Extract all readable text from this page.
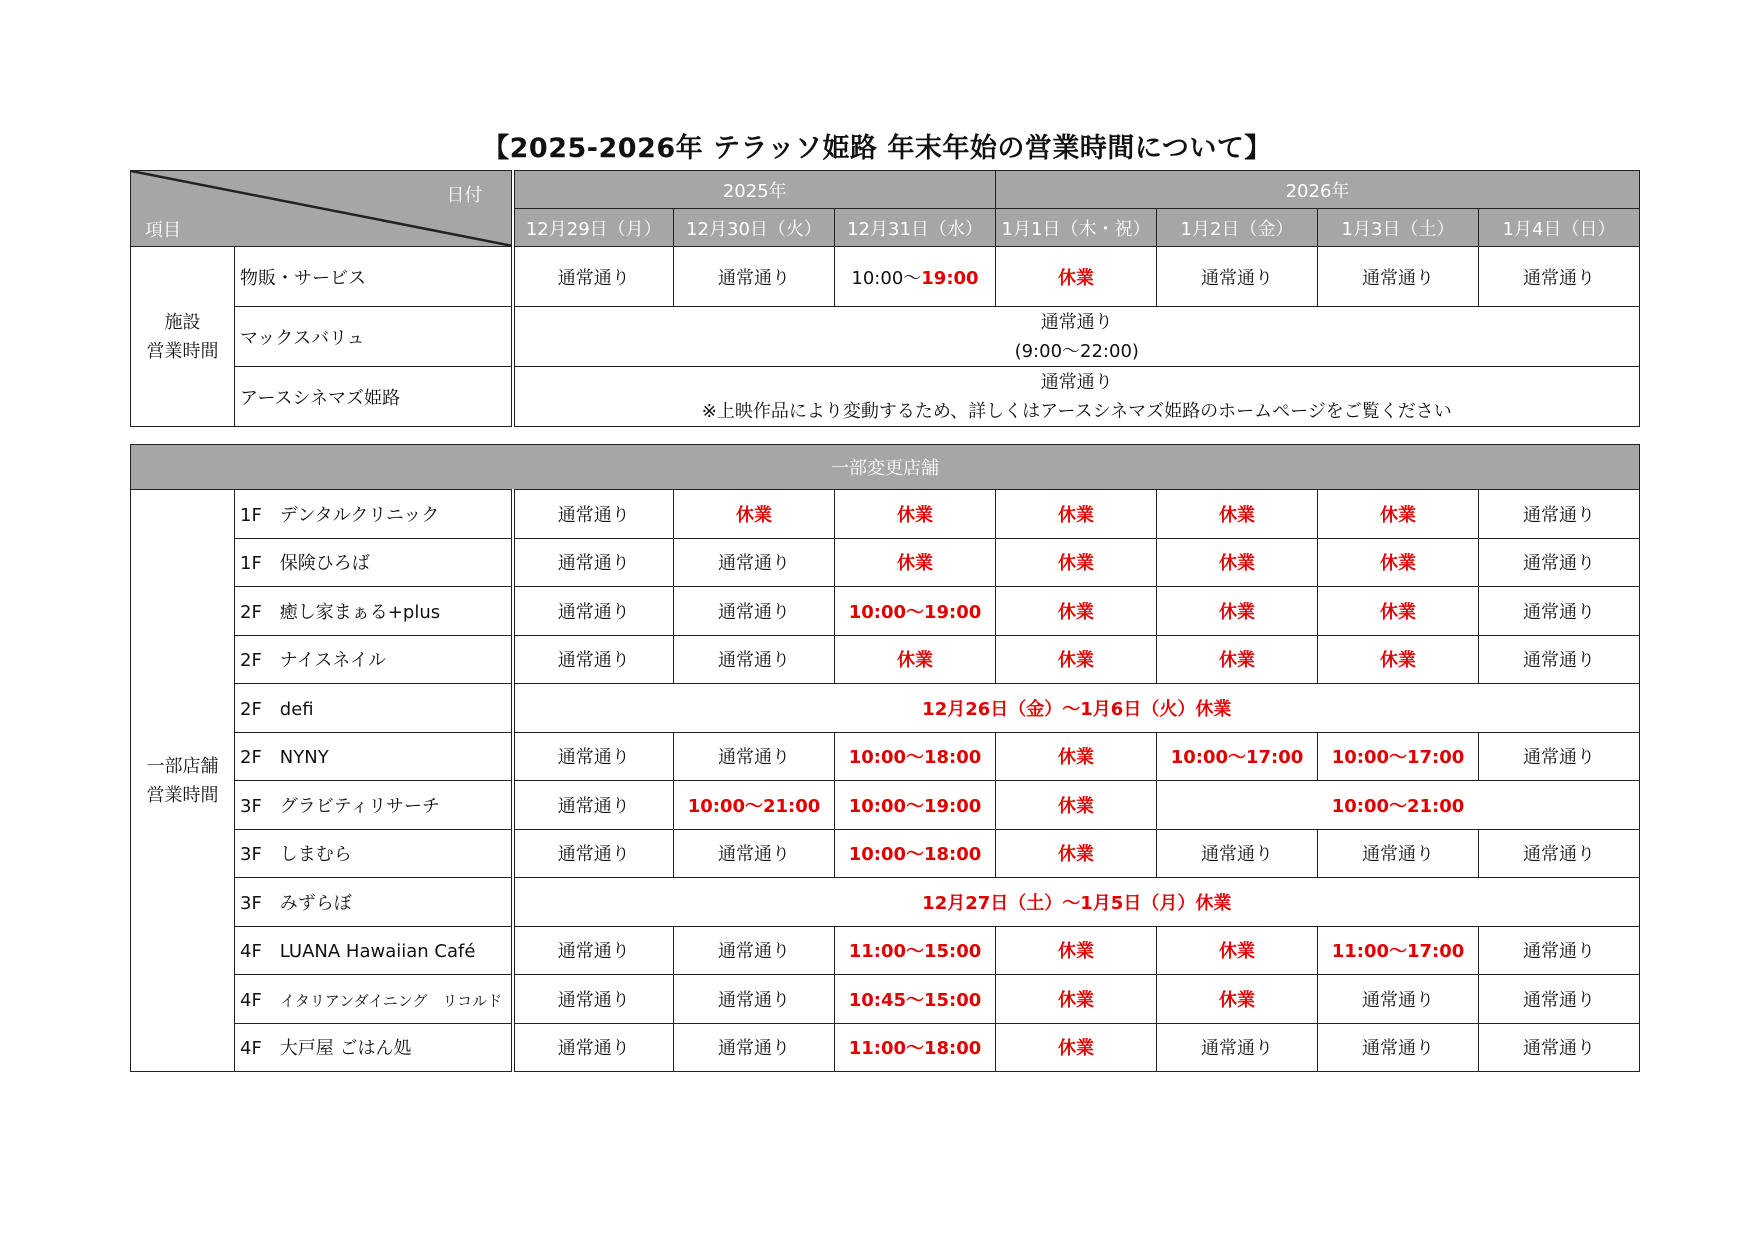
【2025-2026年 テラッソ姫路 年末年始の営業時間について】
日付
項目		2025年			2026年			
		12月29日（月）	12月30日（火）	12月31日（水）	1月1日（木・祝）	1月2日（金）	1月3日（土）	1月4日（日）
施設
営業時間	物販・サービス	通常通り	通常通り	10:00～19:00	休業	通常通り	通常通り	通常通り
	マックスバリュ	通常通り
(9:00～22:00)						
	アースシネマズ姫路	通常通り
※上映作品により変動するため、詳しくはアースシネマズ姫路のホームページをご覧ください						
一部変更店舗								
一部店舗
営業時間	1F　デンタルクリニック	通常通り	休業	休業	休業	休業	休業	通常通り
	1F　保険ひろば	通常通り	通常通り	休業	休業	休業	休業	通常通り
	2F　癒し家まぁる+plus	通常通り	通常通り	10:00～19:00	休業	休業	休業	通常通り
	2F　ナイスネイル	通常通り	通常通り	休業	休業	休業	休業	通常通り
	2F　defi	12月26日（金）～1月6日（火）休業						
	2F　NYNY	通常通り	通常通り	10:00～18:00	休業	10:00～17:00	10:00～17:00	通常通り
	3F　グラビティリサーチ	通常通り	10:00～21:00	10:00～19:00	休業	10:00～21:00		
	3F　しまむら	通常通り	通常通り	10:00～18:00	休業	通常通り	通常通り	通常通り
	3F　みずらぼ	12月27日（土）～1月5日（月）休業						
	4F　LUANA Hawaiian Café	通常通り	通常通り	11:00～15:00	休業	休業	11:00～17:00	通常通り
	4F　イタリアンダイニング　リコルド	通常通り	通常通り	10:45～15:00	休業	休業	通常通り	通常通り
	4F　大戸屋 ごはん処	通常通り	通常通り	11:00～18:00	休業	通常通り	通常通り	通常通り
